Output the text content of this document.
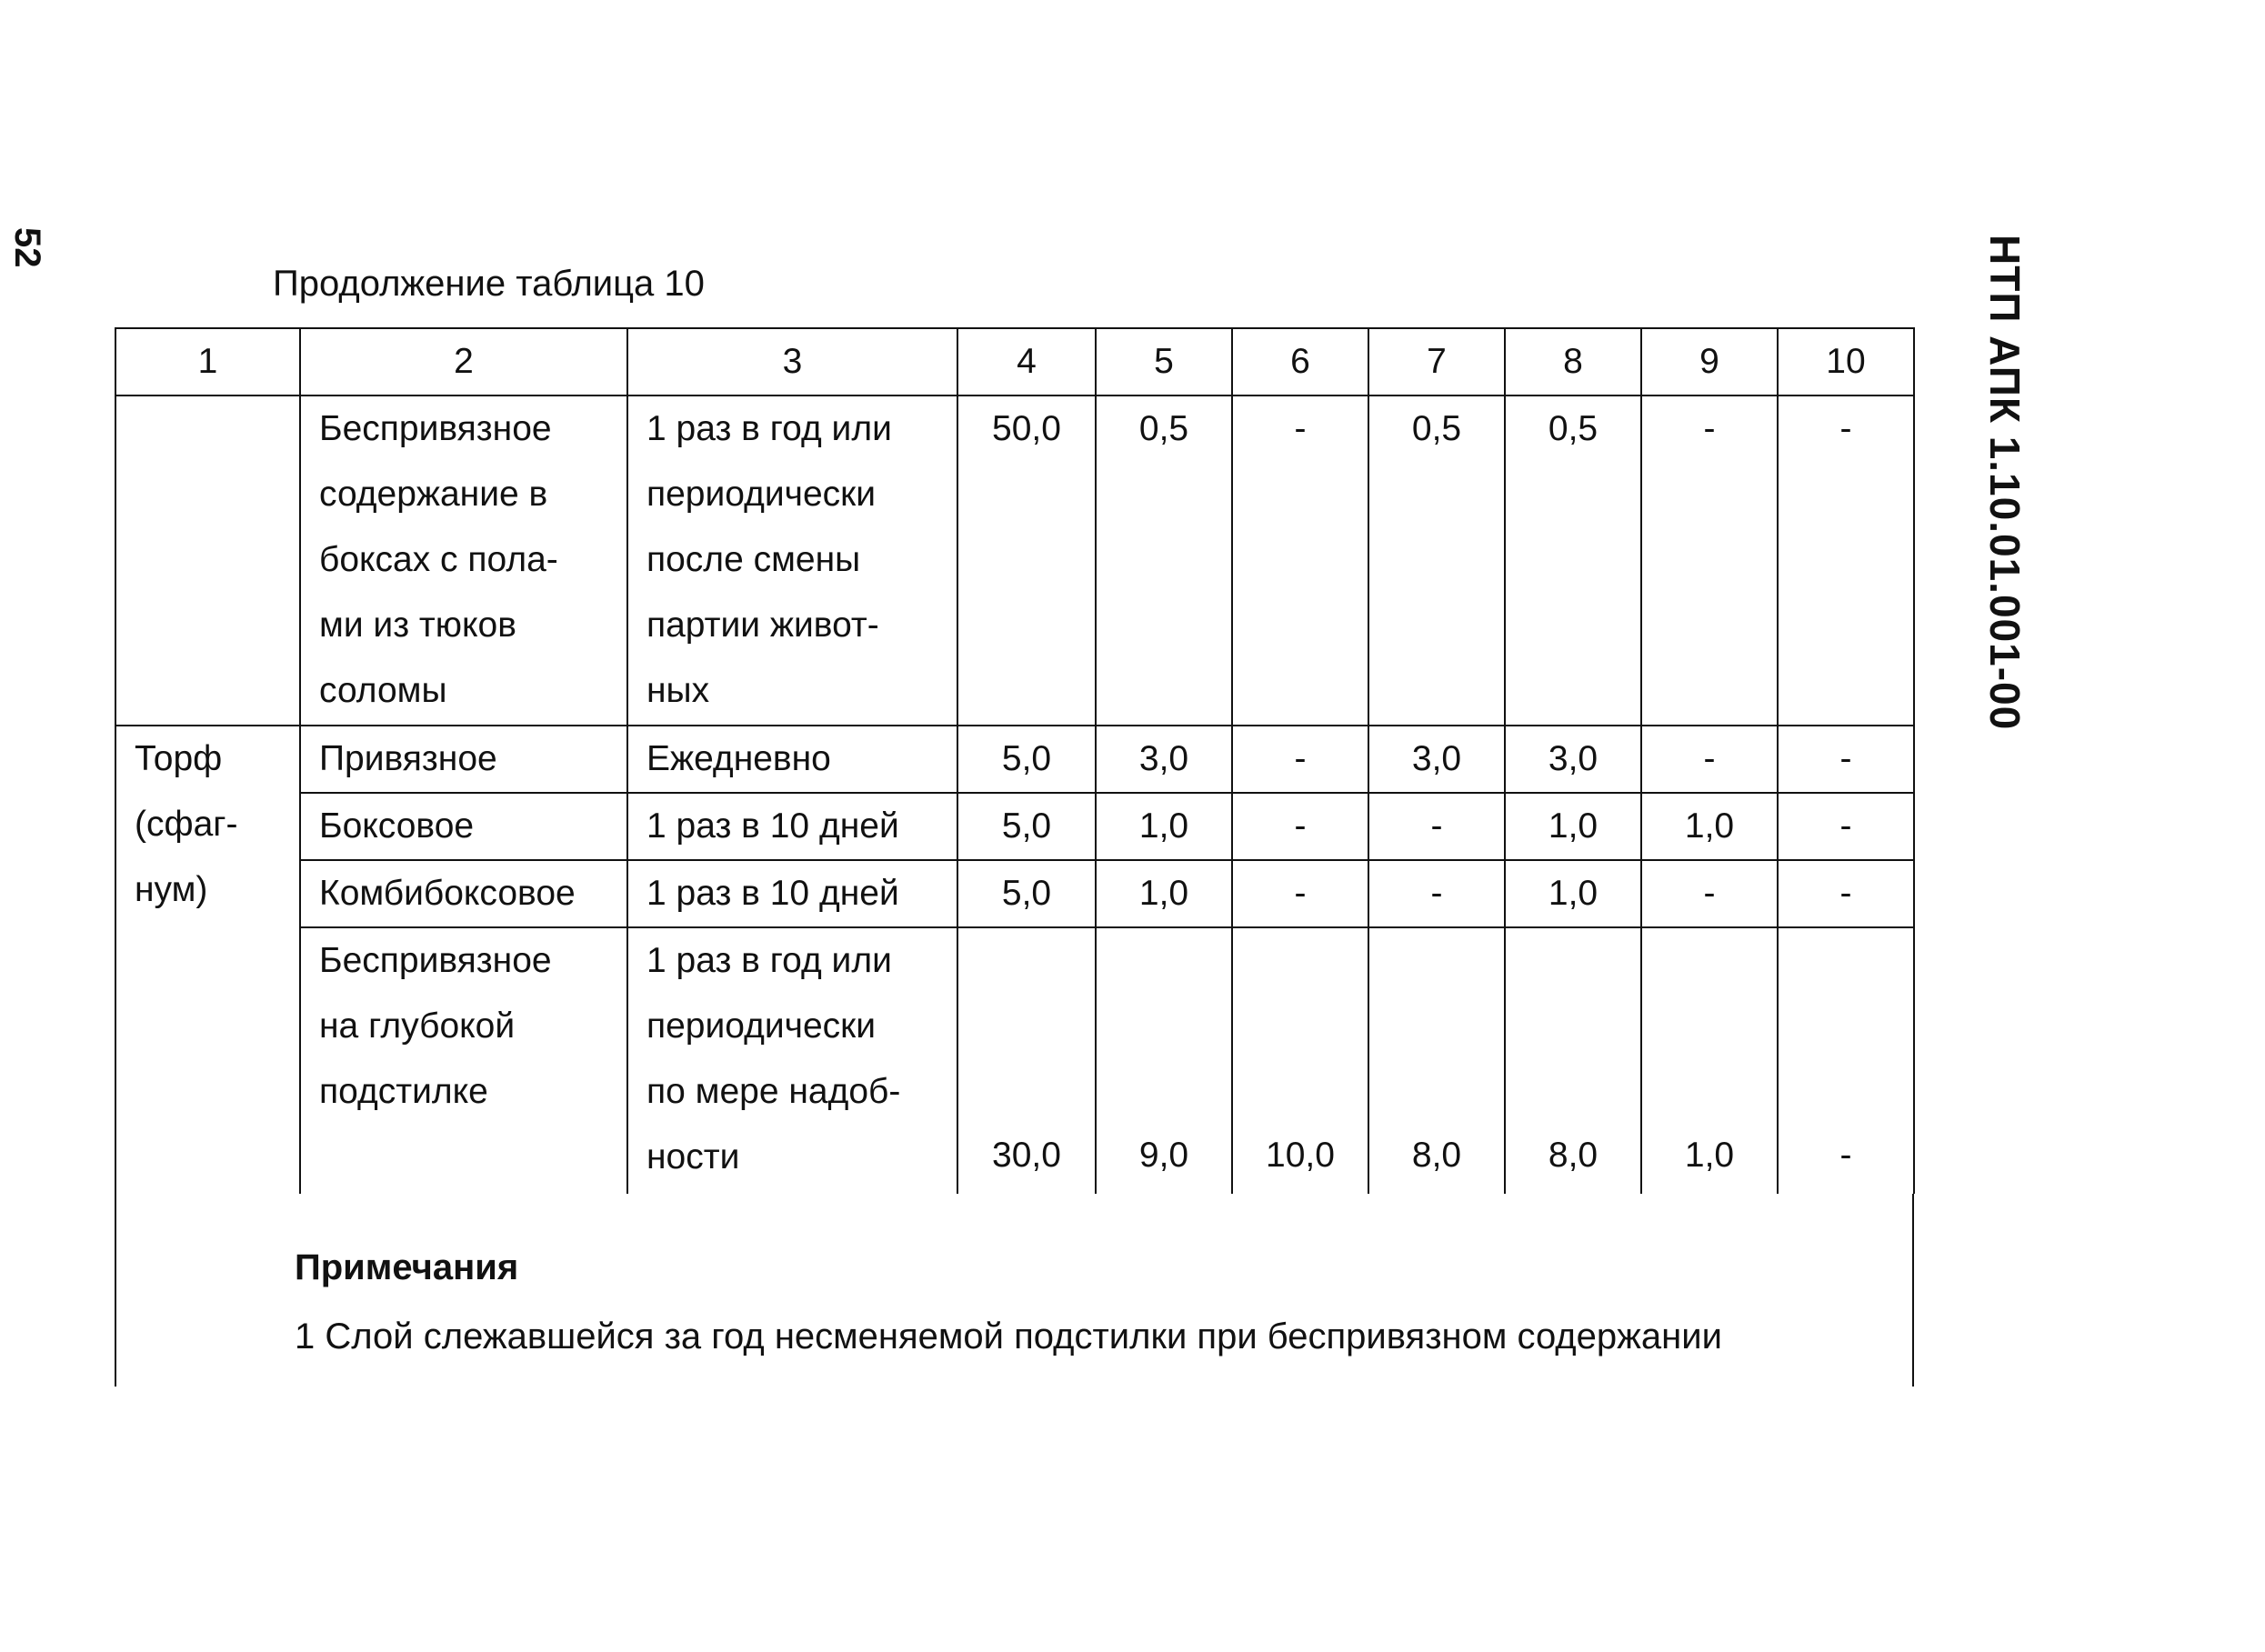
52	НТП АПК 1.10.01.001-00
Продолжение таблица 10
1	2	3	4	5	6	7	8	9	10

	Беспривязное
содержание в
боксах с пола-
ми из тюков
соломы	1 раз в год или
периодически
после смены
партии живот-
ных	50,0	0,5	-	0,5	0,5	-	-

Торф
(сфаг-
нум)	Привязное	Ежедневно	5,0	3,0	-	3,0	3,0	-	-
	Боксовое	1 раз в 10 дней	5,0	1,0	-	-	1,0	1,0	-
	Комбибоксовое	1 раз в 10 дней	5,0	1,0	-	-	1,0	-	-

	Беспривязное
на глубокой
подстилке	1 раз в год или
периодически
по мере надоб-
ности	30,0	9,0	10,0	8,0	8,0	1,0	-
Примечания
1 Слой слежавшейся за год несменяемой подстилки при беспривязном содержании
